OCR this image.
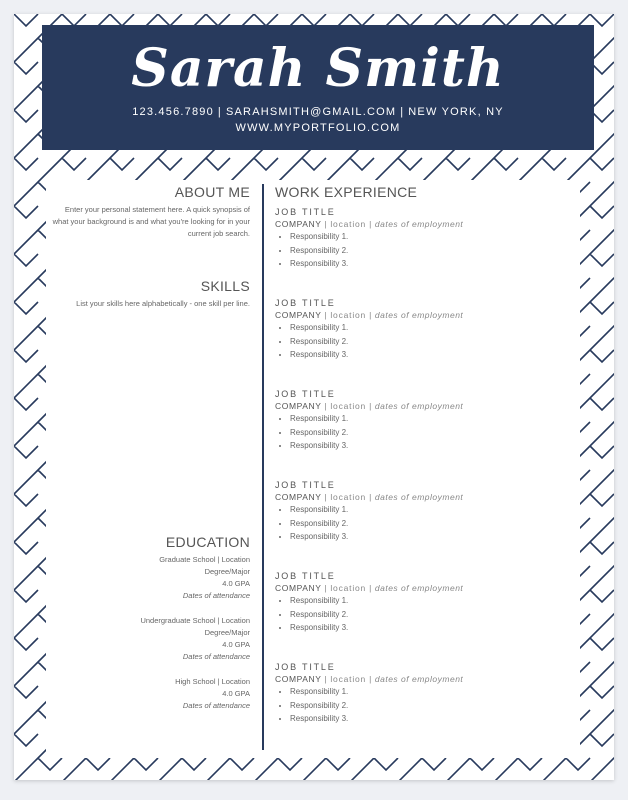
Sarah Smith
123.456.7890 | SARAHSMITH@GMAIL.COM | NEW YORK, NY
WWW.MYPORTFOLIO.COM
ABOUT ME
Enter your personal statement here. A quick synopsis of what your background is and what you're looking for in your current job search.
SKILLS
List your skills here alphabetically - one skill per line.
EDUCATION
Graduate School | Location
Degree/Major
4.0 GPA
Dates of attendance
Undergraduate School | Location
Degree/Major
4.0 GPA
Dates of attendance
High School | Location
4.0 GPA
Dates of attendance
WORK EXPERIENCE
JOB TITLE
COMPANY | location | dates of employment
• Responsibility 1.
• Responsibility 2.
• Responsibility 3.
JOB TITLE
COMPANY | location | dates of employment
• Responsibility 1.
• Responsibility 2.
• Responsibility 3.
JOB TITLE
COMPANY | location | dates of employment
• Responsibility 1.
• Responsibility 2.
• Responsibility 3.
JOB TITLE
COMPANY | location | dates of employment
• Responsibility 1.
• Responsibility 2.
• Responsibility 3.
JOB TITLE
COMPANY | location | dates of employment
• Responsibility 1.
• Responsibility 2.
• Responsibility 3.
JOB TITLE
COMPANY | location | dates of employment
• Responsibility 1.
• Responsibility 2.
• Responsibility 3.
